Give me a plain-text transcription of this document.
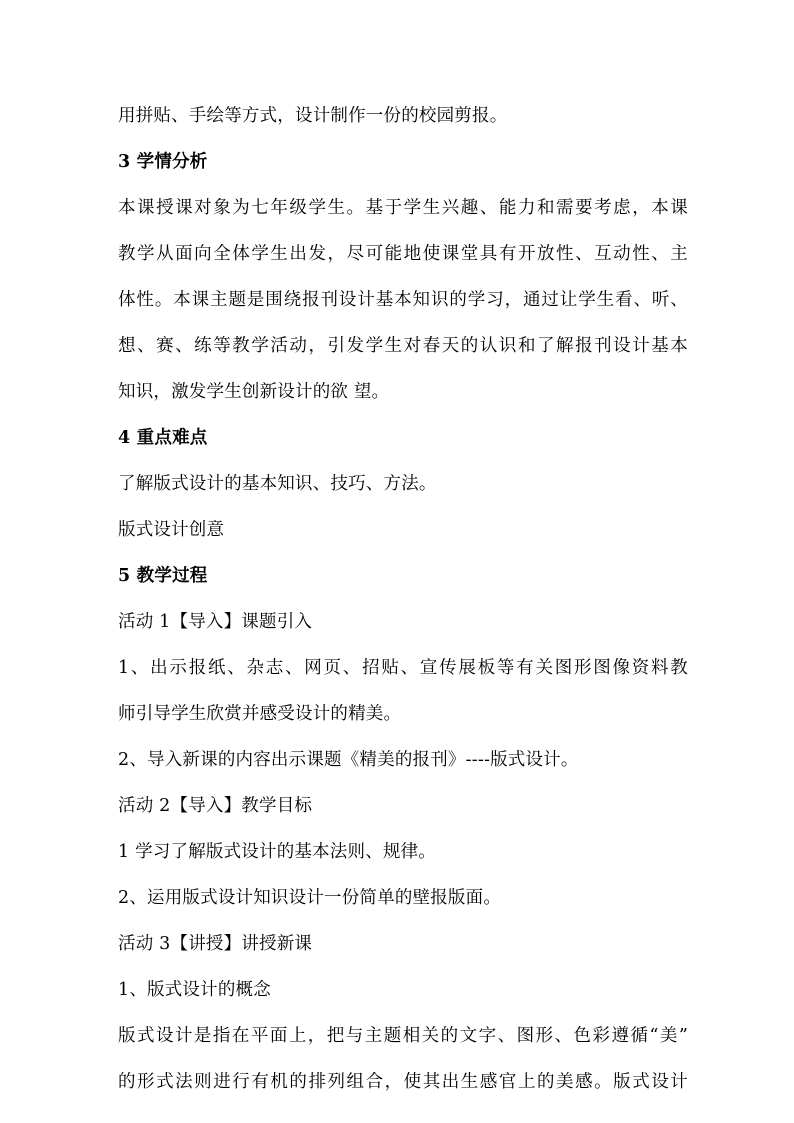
用拼贴、手绘等方式，设计制作一份的校园剪报。
3 学情分析
本课授课对象为七年级学生。基于学生兴趣、能力和需要考虑，本课
教学从面向全体学生出发，尽可能地使课堂具有开放性、互动性、主
体性。本课主题是围绕报刊设计基本知识的学习，通过让学生看、听、
想、赛、练等教学活动，引发学生对春天的认识和了解报刊设计基本
知识，激发学生创新设计的欲 望。
4 重点难点
了解版式设计的基本知识、技巧、方法。
版式设计创意
5 教学过程
活动 1【导入】课题引入
1、出示报纸、杂志、网页、招贴、宣传展板等有关图形图像资料教
师引导学生欣赏并感受设计的精美。
2、导入新课的内容出示课题《精美的报刊》----版式设计。
活动 2【导入】教学目标
1 学习了解版式设计的基本法则、规律。
2、运用版式设计知识设计一份简单的壁报版面。
活动 3【讲授】讲授新课
1、版式设计的概念
版式设计是指在平面上，把与主题相关的文字、图形、色彩遵循“美”
的形式法则进行有机的排列组合，使其出生感官上的美感。版式设计
